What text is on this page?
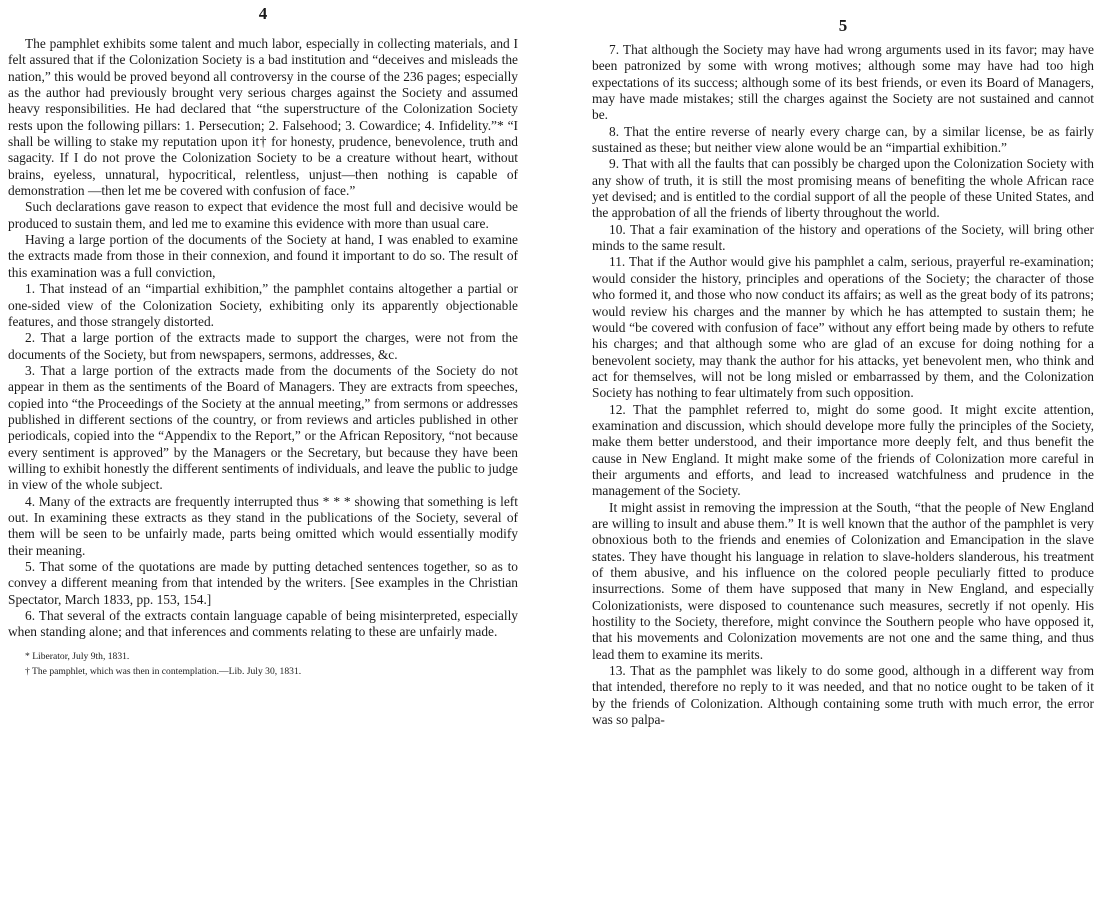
4

The pamphlet exhibits some talent and much labor, especially in collecting materials, and I felt assured that if the Colonization Society is a bad institution and “deceives and misleads the nation,” this would be proved beyond all controversy in the course of the 236 pages; especially as the author had previously brought very serious charges against the Society and assumed heavy responsibilities. He had declared that “the superstructure of the Colonization Society rests upon the following pillars: 1. Persecution; 2. Falsehood; 3. Cowardice; 4. Infidelity.”* “I shall be willing to stake my reputation upon it† for honesty, prudence, benevolence, truth and sagacity. If I do not prove the Colonization Society to be a creature without heart, without brains, eyeless, unnatural, hypocritical, relentless, unjust—then nothing is capable of demonstration —then let me be covered with confusion of face.”

Such declarations gave reason to expect that evidence the most full and decisive would be produced to sustain them, and led me to examine this evidence with more than usual care.

Having a large portion of the documents of the Society at hand, I was enabled to examine the extracts made from those in their connexion, and found it important to do so. The result of this examination was a full conviction,

1. That instead of an “impartial exhibition,” the pamphlet contains altogether a partial or one-sided view of the Colonization Society, exhibiting only its apparently objectionable features, and those strangely distorted.

2. That a large portion of the extracts made to support the charges, were not from the documents of the Society, but from newspapers, sermons, addresses, &c.

3. That a large portion of the extracts made from the documents of the Society do not appear in them as the sentiments of the Board of Managers. They are extracts from speeches, copied into “the Proceedings of the Society at the annual meeting,” from sermons or addresses published in different sections of the country, or from reviews and articles published in other periodicals, copied into the “Appendix to the Report,” or the African Repository, “not because every sentiment is approved” by the Managers or the Secretary, but because they have been willing to exhibit honestly the different sentiments of individuals, and leave the public to judge in view of the whole subject.

4. Many of the extracts are frequently interrupted thus * * * showing that something is left out. In examining these extracts as they stand in the publications of the Society, several of them will be seen to be unfairly made, parts being omitted which would essentially modify their meaning.

5. That some of the quotations are made by putting detached sentences together, so as to convey a different meaning from that intended by the writers. [See examples in the Christian Spectator, March 1833, pp. 153, 154.]

6. That several of the extracts contain language capable of being misinterpreted, especially when standing alone; and that inferences and comments relating to these are unfairly made.

* Liberator, July 9th, 1831.

† The pamphlet, which was then in contemplation.—Lib. July 30, 1831.

5

7. That although the Society may have had wrong arguments used in its favor; may have been patronized by some with wrong motives; although some may have had too high expectations of its success; although some of its best friends, or even its Board of Managers, may have made mistakes; still the charges against the Society are not sustained and cannot be.

8. That the entire reverse of nearly every charge can, by a similar license, be as fairly sustained as these; but neither view alone would be an “impartial exhibition.”

9. That with all the faults that can possibly be charged upon the Colonization Society with any show of truth, it is still the most promising means of benefiting the whole African race yet devised; and is entitled to the cordial support of all the people of these United States, and the approbation of all the friends of liberty throughout the world.

10. That a fair examination of the history and operations of the Society, will bring other minds to the same result.

11. That if the Author would give his pamphlet a calm, serious, prayerful re-examination; would consider the history, principles and operations of the Society; the character of those who formed it, and those who now conduct its affairs; as well as the great body of its patrons; would review his charges and the manner by which he has attempted to sustain them; he would “be covered with confusion of face” without any effort being made by others to refute his charges; and that although some who are glad of an excuse for doing nothing for a benevolent society, may thank the author for his attacks, yet benevolent men, who think and act for themselves, will not be long misled or embarrassed by them, and the Colonization Society has nothing to fear ultimately from such opposition.

12. That the pamphlet referred to, might do some good. It might excite attention, examination and discussion, which should develope more fully the principles of the Society, make them better understood, and their importance more deeply felt, and thus benefit the cause in New England. It might make some of the friends of Colonization more careful in their arguments and efforts, and lead to increased watchfulness and prudence in the management of the Society.

It might assist in removing the impression at the South, “that the people of New England are willing to insult and abuse them.” It is well known that the author of the pamphlet is very obnoxious both to the friends and enemies of Colonization and Emancipation in the slave states. They have thought his language in relation to slave-holders slanderous, his treatment of them abusive, and his influence on the colored people peculiarly fitted to produce insurrections. Some of them have supposed that many in New England, and especially Colonizationists, were disposed to countenance such measures, secretly if not openly. His hostility to the Society, therefore, might convince the Southern people who have opposed it, that his movements and Colonization movements are not one and the same thing, and thus lead them to examine its merits.

13. That as the pamphlet was likely to do some good, although in a different way from that intended, therefore no reply to it was needed, and that no notice ought to be taken of it by the friends of Colonization. Although containing some truth with much error, the error was so palpa-
